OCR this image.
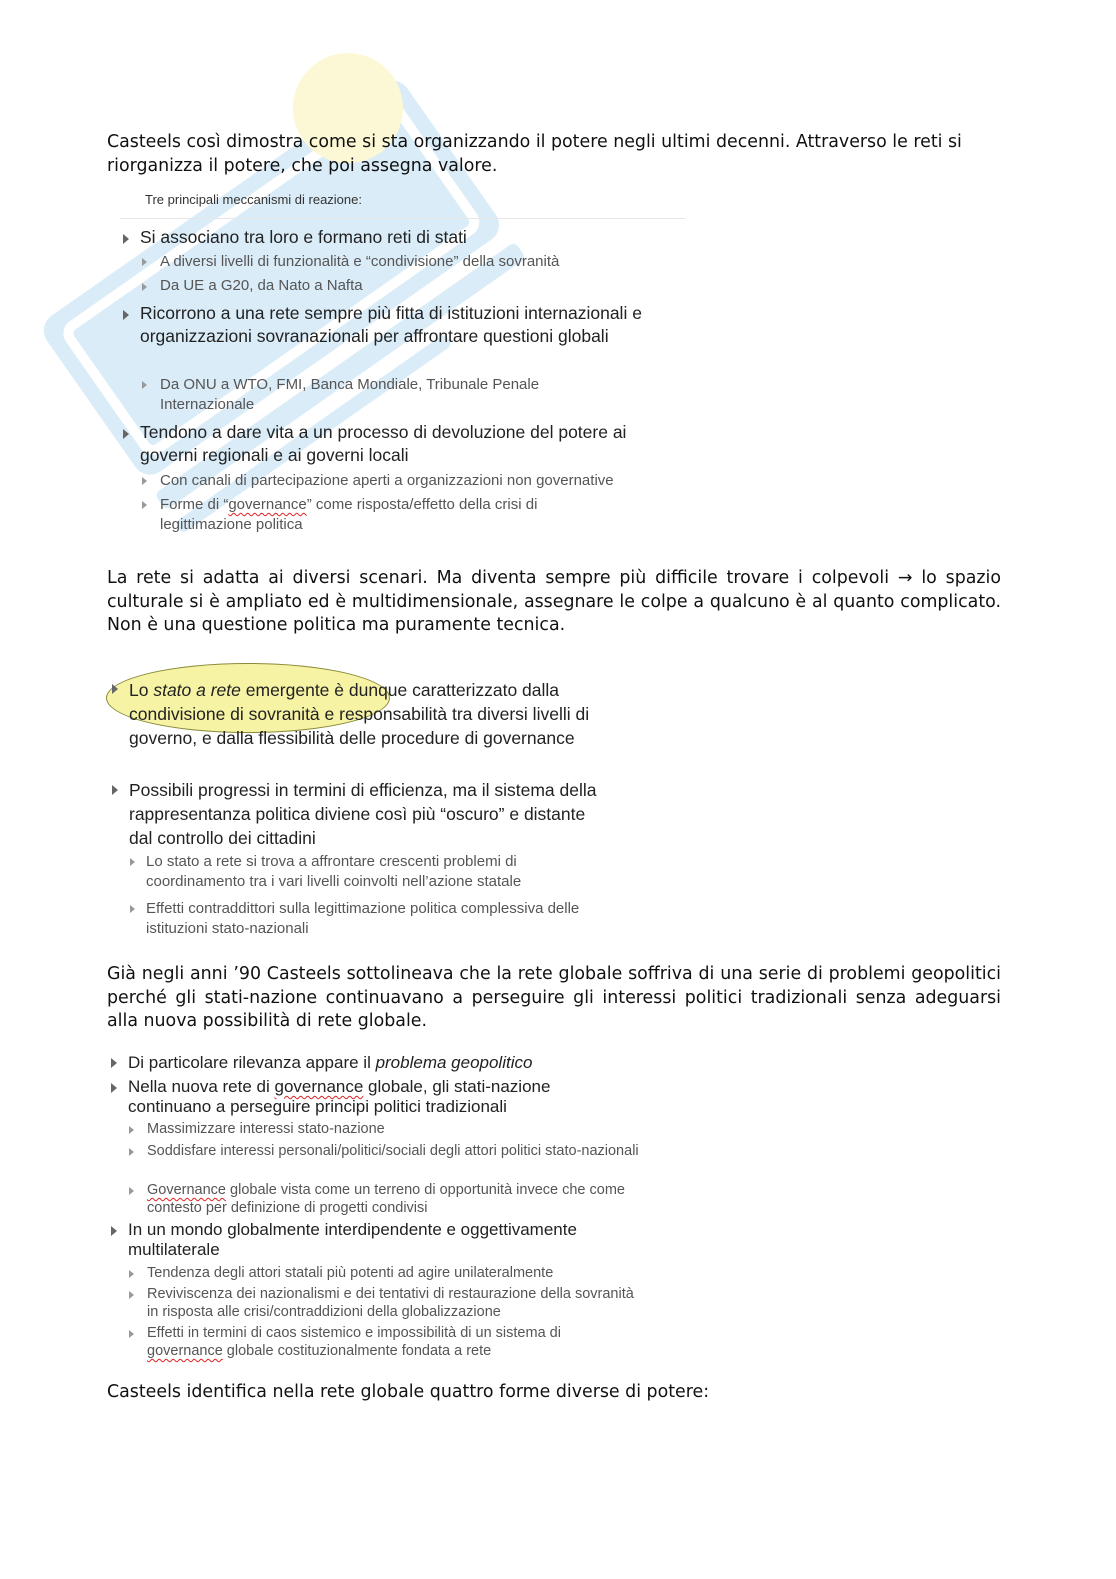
Casteels così dimostra come si sta organizzando il potere negli ultimi decenni. Attraverso le reti si riorganizza il potere, che poi assegna valore.

Tre principali meccanismi di reazione:
Si associano tra loro e formano reti di stati
A diversi livelli di funzionalità e “condivisione” della sovranità
Da UE a G20, da Nato a Nafta
Ricorrono a una rete sempre più fitta di istituzioni internazionali e organizzazioni sovranazionali per affrontare questioni globali
Da ONU a WTO, FMI, Banca Mondiale, Tribunale Penale Internazionale
Tendono a dare vita a un processo di devoluzione del potere ai governi regionali e ai governi locali
Con canali di partecipazione aperti a organizzazioni non governative
Forme di “governance” come risposta/effetto della crisi di legittimazione politica

La rete si adatta ai diversi scenari. Ma diventa sempre più difficile trovare i colpevoli → lo spazio culturale si è ampliato ed è multidimensionale, assegnare le colpe a qualcuno è al quanto complicato. Non è una questione politica ma puramente tecnica.

Lo stato a rete emergente è dunque caratterizzato dalla condivisione di sovranità e responsabilità tra diversi livelli di governo, e dalla flessibilità delle procedure di governance
Possibili progressi in termini di efficienza, ma il sistema della rappresentanza politica diviene così più “oscuro” e distante dal controllo dei cittadini
Lo stato a rete si trova a affrontare crescenti problemi di coordinamento tra i vari livelli coinvolti nell’azione statale
Effetti contraddittori sulla legittimazione politica complessiva delle istituzioni stato-nazionali

Già negli anni ’90 Casteels sottolineava che la rete globale soffriva di una serie di problemi geopolitici perché gli stati-nazione continuavano a perseguire gli interessi politici tradizionali senza adeguarsi alla nuova possibilità di rete globale.

Di particolare rilevanza appare il problema geopolitico
Nella nuova rete di governance globale, gli stati-nazione continuano a perseguire principi politici tradizionali
Massimizzare interessi stato-nazione
Soddisfare interessi personali/politici/sociali degli attori politici stato-nazionali
Governance globale vista come un terreno di opportunità invece che come contesto per definizione di progetti condivisi
In un mondo globalmente interdipendente e oggettivamente multilaterale
Tendenza degli attori statali più potenti ad agire unilateralmente
Reviviscenza dei nazionalismi e dei tentativi di restaurazione della sovranità in risposta alle crisi/contraddizioni della globalizzazione
Effetti in termini di caos sistemico e impossibilità di un sistema di governance globale costituzionalmente fondata a rete

Casteels identifica nella rete globale quattro forme diverse di potere:
